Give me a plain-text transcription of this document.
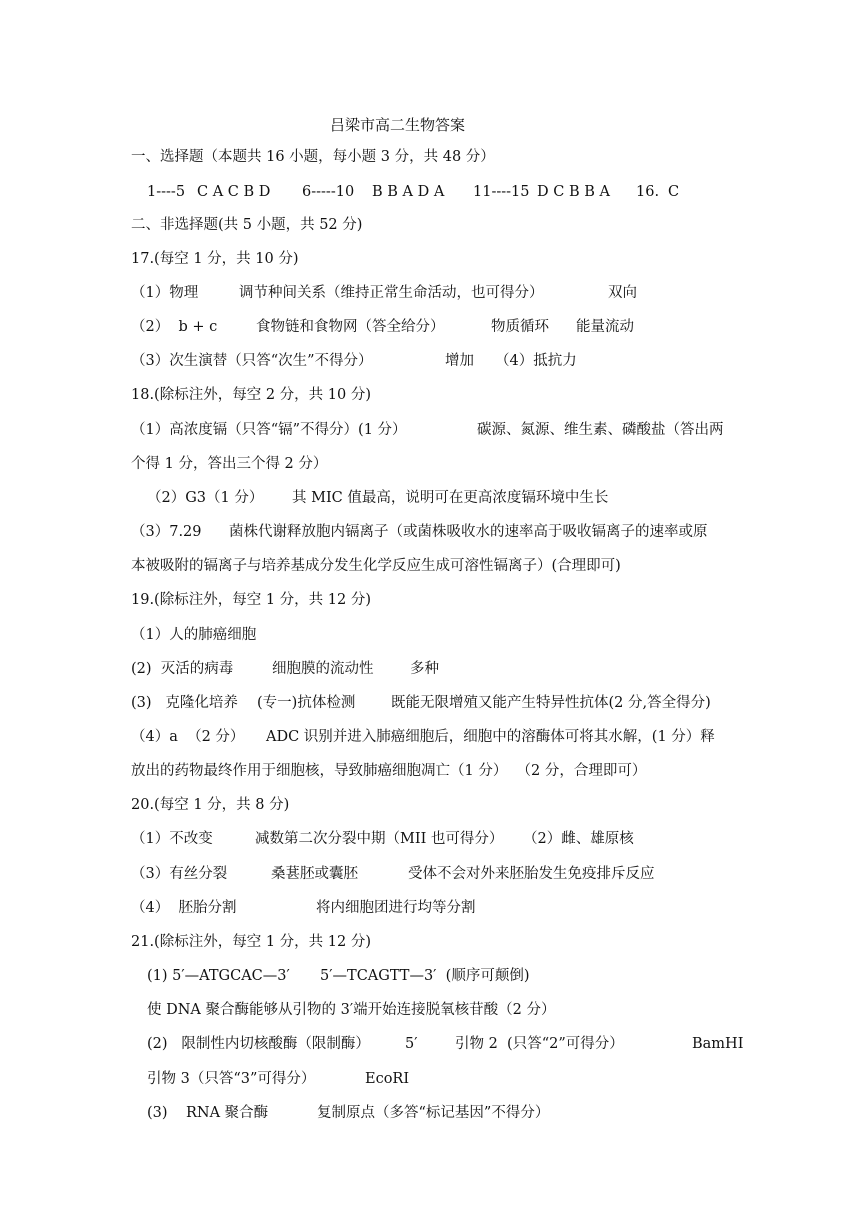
吕梁市高二生物答案
一、选择题（本题共 16 小题，每小题 3 分，共 48 分）
1----5 C A C B D 6-----10 B B A D A 11----15 D C B B A 16. C
二、非选择题(共 5 小题，共 52 分)
17.(每空 1 分，共 10 分)
（1）物理	调节种间关系（维持正常生命活动，也可得分）	双向
（2）  b + c	食物链和食物网（答全给分）	物质循环 能量流动
（3）次生演替（只答“次生”不得分）	增加 （4）抵抗力
18.(除标注外，每空 2 分，共 10 分)
（1）高浓度镉（只答“镉”不得分）(1 分）	碳源、氮源、维生素、磷酸盐（答出两
个得 1 分，答出三个得 2 分）
（2）G3（1 分） 其 MIC 值最高，说明可在更高浓度镉环境中生长
（3）7.29 菌株代谢释放胞内镉离子（或菌株吸收水的速率高于吸收镉离子的速率或原
本被吸附的镉离子与培养基成分发生化学反应生成可溶性镉离子）(合理即可)
19.(除标注外，每空 1 分，共 12 分)
（1）人的肺癌细胞
(2)  灭活的病毒	细胞膜的流动性	多种
(3)   克隆化培养 (专一)抗体检测 既能无限增殖又能产生特异性抗体(2 分,答全得分)
（4）a  （2 分） ADC 识别并进入肺癌细胞后，细胞中的溶酶体可将其水解，(1 分）释
放出的药物最终作用于细胞核，导致肺癌细胞凋亡（1 分）  （2 分，合理即可）
20.(每空 1 分，共 8 分)
（1）不改变	减数第二次分裂中期（MII 也可得分） （2）雌、雄原核
（3）有丝分裂	桑葚胚或囊胚	受体不会对外来胚胎发生免疫排斥反应
（4）  胚胎分割	将内细胞团进行均等分割
21.(除标注外，每空 1 分，共 12 分)
(1) 5′—ATGCAC—3′ 5′—TCAGTT—3′  (顺序可颠倒)
使 DNA 聚合酶能够从引物的 3′端开始连接脱氧核苷酸（2 分）
(2)   限制性内切核酸酶（限制酶） 5′	引物 2  (只答“2”可得分）	BamHI
引物 3（只答“3”可得分）	EcoRI
(3)    RNA 聚合酶	复制原点（多答“标记基因”不得分）
